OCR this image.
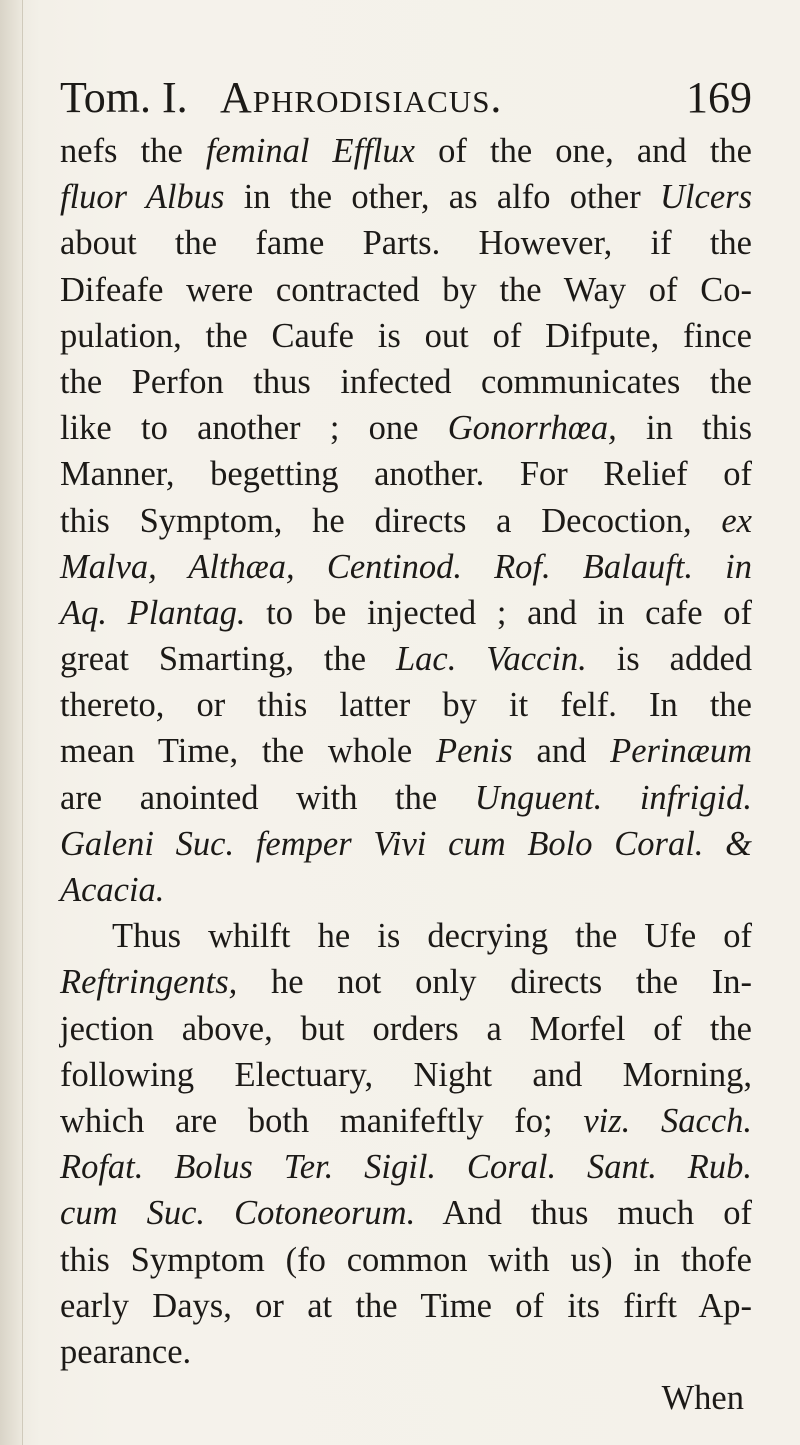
Tom. I. Aphrodisiacus.	169
nefs the feminal Efflux of the one, and the
fluor Albus in the other, as alfo other Ulcers
about the fame Parts. However, if the
Difeafe were contracted by the Way of Co-
pulation, the Caufe is out of Difpute, fince
the Perfon thus infected communicates the
like to another ; one Gonorrhœa, in this
Manner, begetting another. For Relief of
this Symptom, he directs a Decoction, ex
Malva, Althæa, Centinod. Rof. Balauft. in
Aq. Plantag. to be injected ; and in cafe of
great Smarting, the Lac. Vaccin. is added
thereto, or this latter by it felf. In the
mean Time, the whole Penis and Perinæum
are anointed with the Unguent. infrigid.
Galeni Suc. femper Vivi cum Bolo Coral. &
Acacia.
Thus whilft he is decrying the Ufe of
Reftringents, he not only directs the In-
jection above, but orders a Morfel of the
following Electuary, Night and Morning,
which are both manifeftly fo; viz. Sacch.
Rofat. Bolus Ter. Sigil. Coral. Sant. Rub.
cum Suc. Cotoneorum. And thus much of
this Symptom (fo common with us) in thofe
early Days, or at the Time of its firft Ap-
pearance.
When
